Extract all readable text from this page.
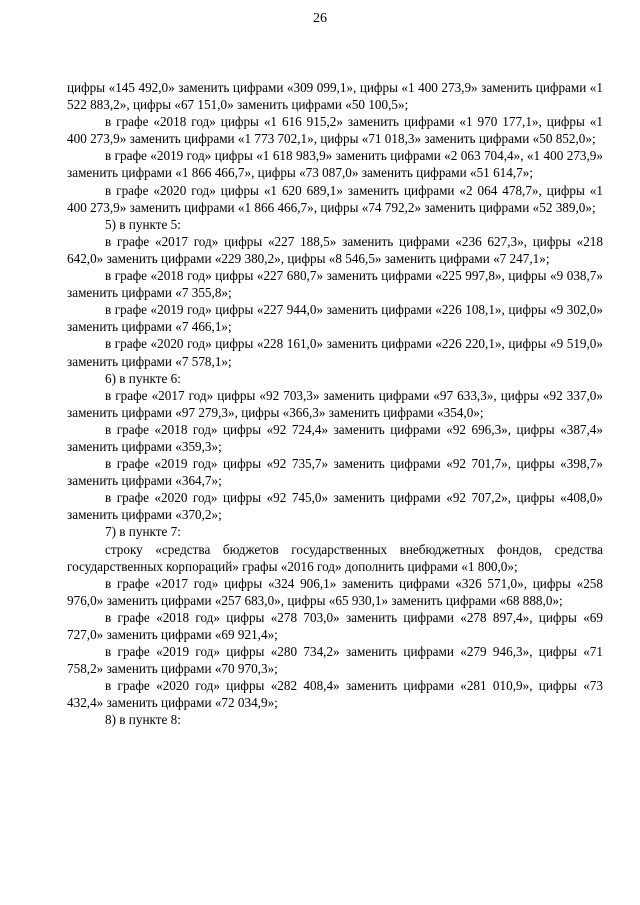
26

цифры «145 492,0» заменить цифрами «309 099,1», цифры «1 400 273,9» заменить цифрами «1 522 883,2», цифры «67 151,0» заменить цифрами «50 100,5»;

в графе «2018 год» цифры «1 616 915,2» заменить цифрами «1 970 177,1», цифры «1 400 273,9» заменить цифрами «1 773 702,1», цифры «71 018,3» заменить цифрами «50 852,0»;

в графе «2019 год» цифры «1 618 983,9» заменить цифрами «2 063 704,4», «1 400 273,9» заменить цифрами «1 866 466,7», цифры «73 087,0» заменить цифрами «51 614,7»;

в графе «2020 год» цифры «1 620 689,1» заменить цифрами «2 064 478,7», цифры «1 400 273,9» заменить цифрами «1 866 466,7», цифры «74 792,2» заменить цифрами «52 389,0»;

5) в пункте 5:

в графе «2017 год» цифры «227 188,5» заменить цифрами «236 627,3», цифры «218 642,0» заменить цифрами «229 380,2», цифры «8 546,5» заменить цифрами «7 247,1»;

в графе «2018 год» цифры «227 680,7» заменить цифрами «225 997,8», цифры «9 038,7» заменить цифрами «7 355,8»;

в графе «2019 год» цифры «227 944,0» заменить цифрами «226 108,1», цифры «9 302,0» заменить цифрами «7 466,1»;

в графе «2020 год» цифры «228 161,0» заменить цифрами «226 220,1», цифры «9 519,0» заменить цифрами «7 578,1»;

6) в пункте 6:

в графе «2017 год» цифры «92 703,3» заменить цифрами «97 633,3», цифры «92 337,0» заменить цифрами «97 279,3», цифры «366,3» заменить цифрами «354,0»;

в графе «2018 год» цифры «92 724,4» заменить цифрами «92 696,3», цифры «387,4» заменить цифрами «359,3»;

в графе «2019 год» цифры «92 735,7» заменить цифрами «92 701,7», цифры «398,7» заменить цифрами «364,7»;

в графе «2020 год» цифры «92 745,0» заменить цифрами «92 707,2», цифры «408,0» заменить цифрами «370,2»;

7) в пункте 7:

строку «средства бюджетов государственных внебюджетных фондов, средства государственных корпораций» графы «2016 год» дополнить цифрами «1 800,0»;

в графе «2017 год» цифры «324 906,1» заменить цифрами «326 571,0», цифры «258 976,0» заменить цифрами «257 683,0», цифры «65 930,1» заменить цифрами «68 888,0»;

в графе «2018 год» цифры «278 703,0» заменить цифрами «278 897,4», цифры «69 727,0» заменить цифрами «69 921,4»;

в графе «2019 год» цифры «280 734,2» заменить цифрами «279 946,3», цифры «71 758,2» заменить цифрами «70 970,3»;

в графе «2020 год» цифры «282 408,4» заменить цифрами «281 010,9», цифры «73 432,4» заменить цифрами «72 034,9»;

8) в пункте 8:
